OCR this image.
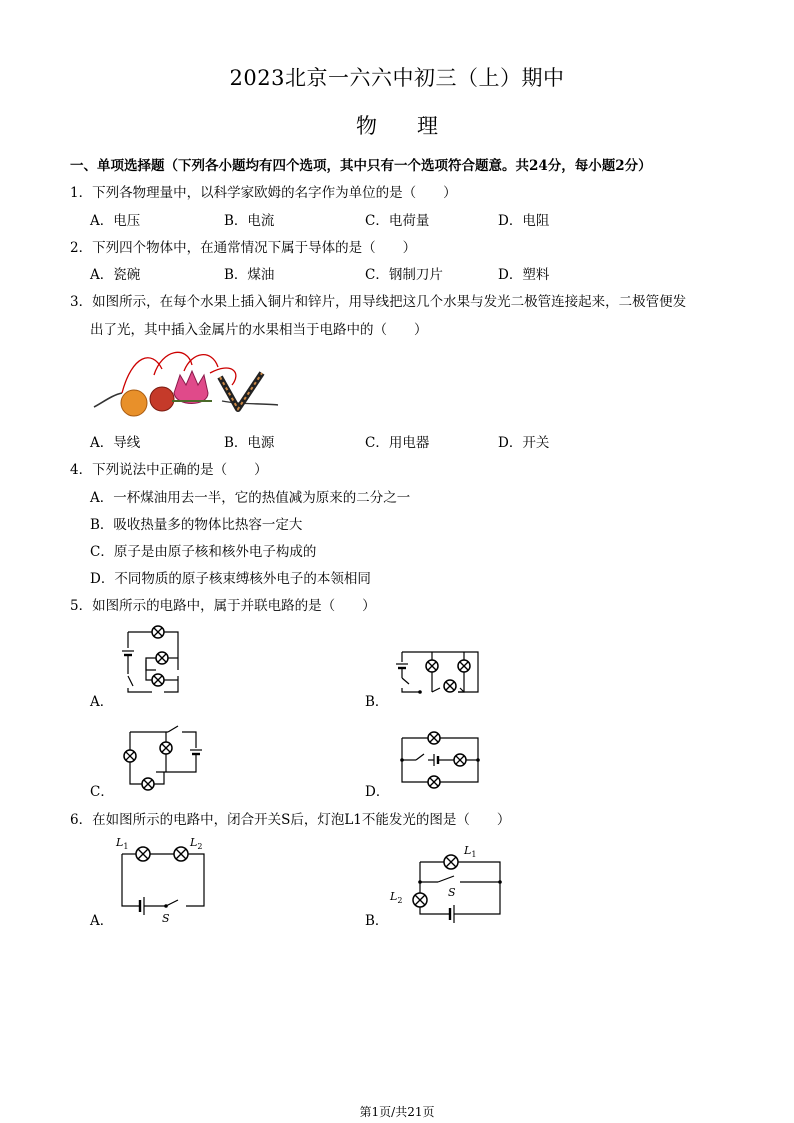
2023北京一六六中初三（上）期中
物      理
一、单项选择题（下列各小题均有四个选项，其中只有一个选项符合题意。共24分，每小题2分）
1．下列各物理量中，以科学家欧姆的名字作为单位的是（　　）
A．电压	B．电流	C．电荷量	D．电阻
2．下列四个物体中，在通常情况下属于导体的是（　　）
A．瓷碗	B．煤油	C．钢制刀片	D．塑料
3．如图所示，在每个水果上插入铜片和锌片，用导线把这几个水果与发光二极管连接起来，二极管便发
出了光，其中插入金属片的水果相当于电路中的（　　）
A．导线	B．电源	C．用电器	D．开关
4．下列说法中正确的是（　　）
A．一杯煤油用去一半，它的热值减为原来的二分之一
B．吸收热量多的物体比热容一定大
C．原子是由原子核和核外电子构成的
D．不同物质的原子核束缚核外电子的本领相同
5．如图所示的电路中，属于并联电路的是（　　）
A．	B．
C．	D．
6．在如图所示的电路中，闭合开关S后，灯泡L1不能发光的图是（　　）
$L_1$	$L_2$
S
A．
$L_1$
$L_2$
S
B．
第1页/共21页
